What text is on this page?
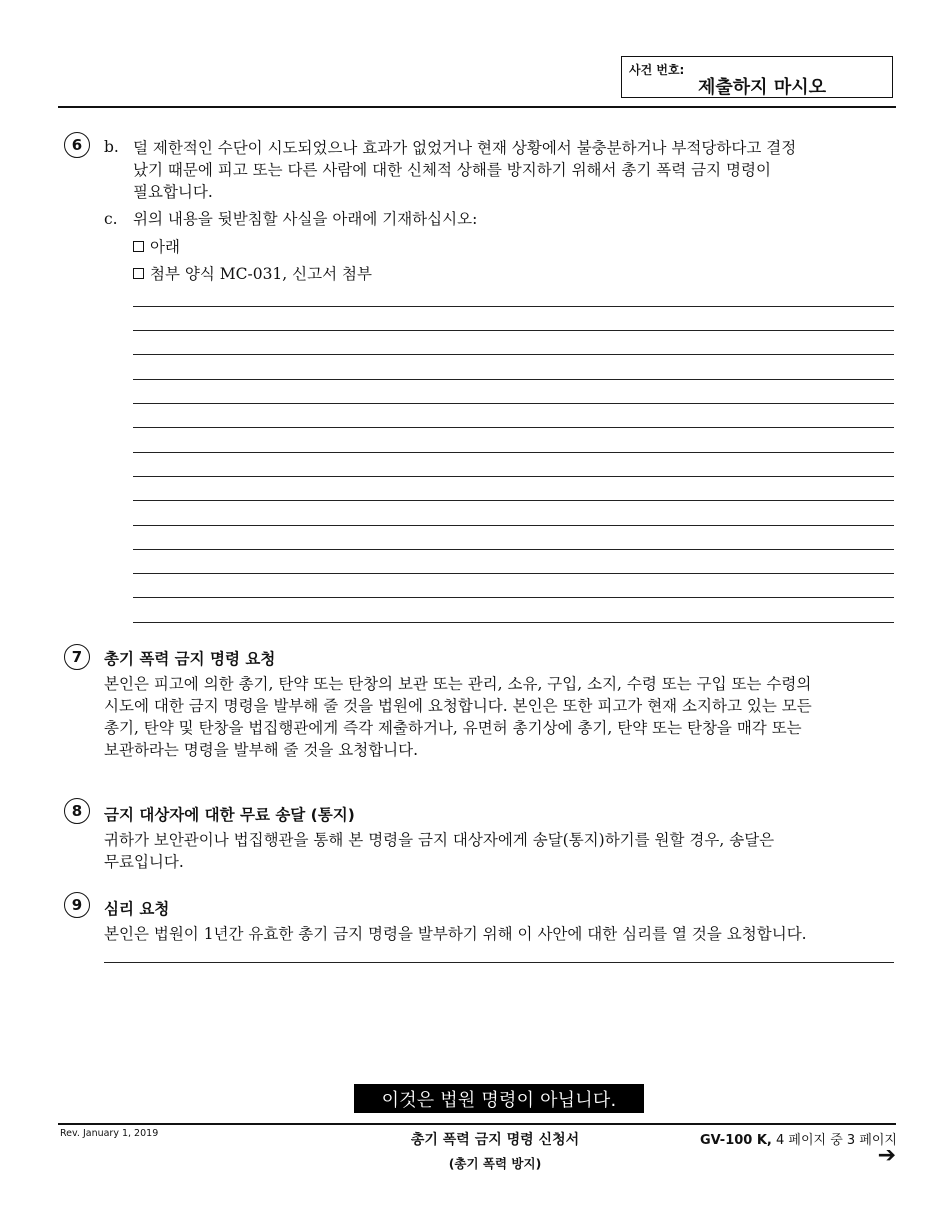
사건 번호:
제출하지 마시오
6	b. 덜 제한적인 수단이 시도되었으나 효과가 없었거나 현재 상황에서 불충분하거나 부적당하다고 결정
났기 때문에 피고 또는 다른 사람에 대한 신체적 상해를 방지하기 위해서 총기 폭력 금지 명령이
필요합니다.
c. 위의 내용을 뒷받침할 사실을 아래에 기재하십시오:
아래
첨부 양식 MC-031, 신고서 첨부
7	총기 폭력 금지 명령 요청
본인은 피고에 의한 총기, 탄약 또는 탄창의 보관 또는 관리, 소유, 구입, 소지, 수령 또는 구입 또는 수령의
시도에 대한 금지 명령을 발부해 줄 것을 법원에 요청합니다. 본인은 또한 피고가 현재 소지하고 있는 모든
총기, 탄약 및 탄창을 법집행관에게 즉각 제출하거나, 유면허 총기상에 총기, 탄약 또는 탄창을 매각 또는
보관하라는 명령을 발부해 줄 것을 요청합니다.
8	금지 대상자에 대한 무료 송달 (통지)
귀하가 보안관이나 법집행관을 통해 본 명령을 금지 대상자에게 송달(통지)하기를 원할 경우, 송달은
무료입니다.
9	심리 요청
본인은 법원이 1년간 유효한 총기 금지 명령을 발부하기 위해 이 사안에 대한 심리를 열 것을 요청합니다.
이것은 법원 명령이 아닙니다.
Rev. January 1, 2019	총기 폭력 금지 명령 신청서
(총기 폭력 방지)
GV-100 K, 4 페이지 중 3 페이지
➔
